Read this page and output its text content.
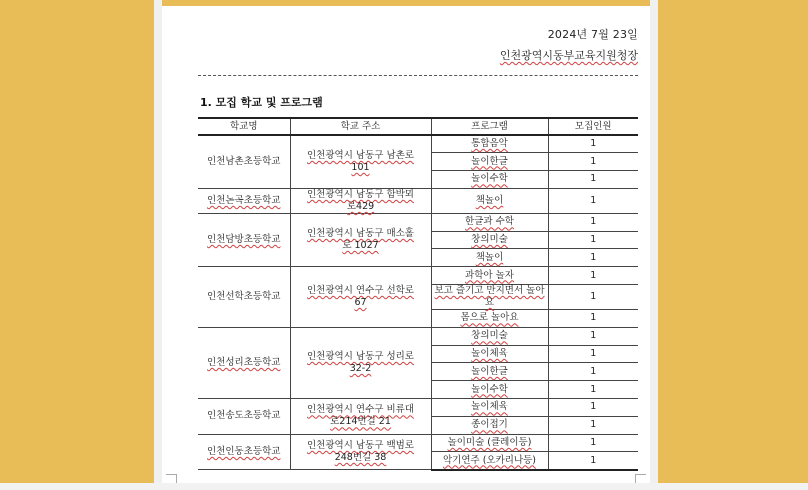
2024년 7월 23일
인천광역시동부교육지원청장
1. 모집 학교 및 프로그램
학교명	학교 주소	프로그램	모집인원
인천남촌초등학교	인천광역시 남동구 남촌로101	통합음악	1
		놀이한글	1
		놀이수학	1
인천논곡초등학교	인천광역시 남동구 함박뫼로429	책놀이	1
인천담방초등학교	인천광역시 남동구 매소홀로 1027	한글과 수학	1
		창의미술	1
		책놀이	1
인천선학초등학교	인천광역시 연수구 선학로67	과학아 놀자	1
		보고 즐기고 만지면서 놀아요	1
		몸으로 놀아요	1
인천성리초등학교	인천광역시 남동구 성리로 32-2	창의미술	1
		놀이체육	1
		놀이한글	1
		놀이수학	1
인천송도초등학교	인천광역시 연수구 비류대로214번길 21	놀이체육	1
		종이접기	1
인천인동초등학교	인천광역시 남동구 백범로248번길 38	놀이미술 (클레이등)	1
		악기연주 (오카리나등)	1
